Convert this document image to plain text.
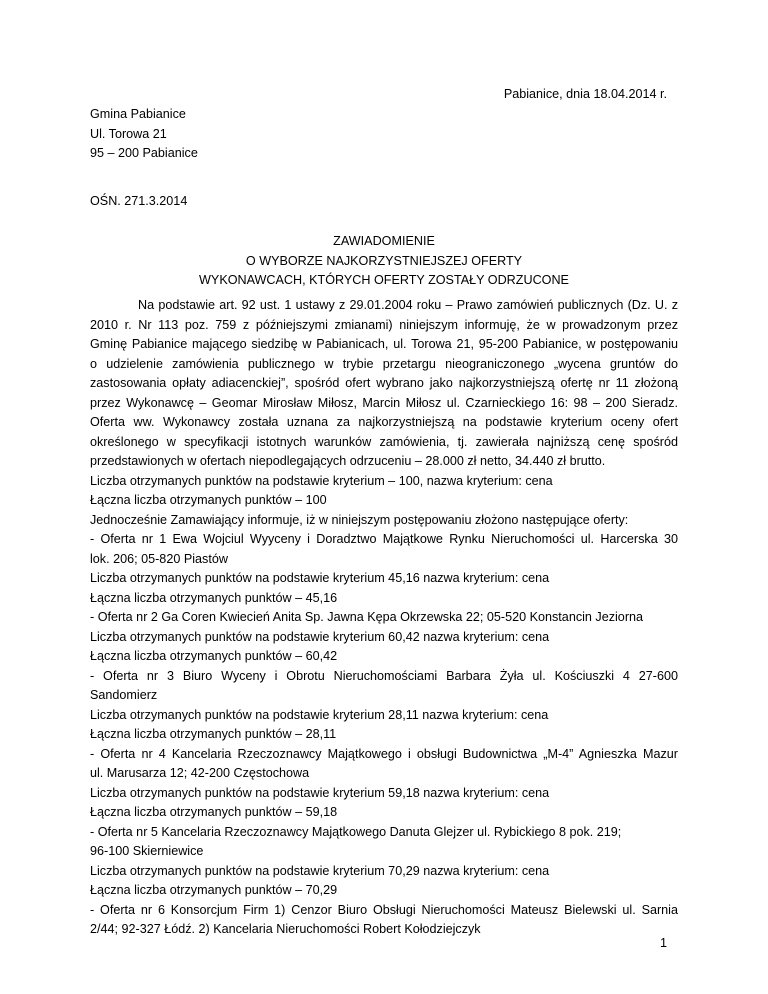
Pabianice, dnia 18.04.2014 r.
Gmina Pabianice
Ul. Torowa 21
95 – 200 Pabianice
OŚN. 271.3.2014
ZAWIADOMIENIE
O WYBORZE NAJKORZYSTNIEJSZEJ OFERTY
WYKONAWCACH, KTÓRYCH OFERTY ZOSTAŁY ODRZUCONE
Na podstawie art. 92 ust. 1 ustawy z 29.01.2004 roku – Prawo zamówień publicznych (Dz. U. z
2010 r. Nr 113 poz. 759 z późniejszymi zmianami) niniejszym informuję, że w prowadzonym przez
Gminę Pabianice mającego siedzibę w Pabianicach, ul. Torowa 21, 95-200 Pabianice, w postępowaniu
o udzielenie zamówienia publicznego w trybie przetargu nieograniczonego „wycena gruntów do
zastosowania opłaty adiacenckiej”, spośród ofert wybrano jako najkorzystniejszą ofertę nr 11 złożoną
przez Wykonawcę – Geomar Mirosław Miłosz, Marcin Miłosz ul. Czarnieckiego 16: 98 – 200 Sieradz.
Oferta ww. Wykonawcy została uznana za najkorzystniejszą na podstawie kryterium oceny ofert
określonego w specyfikacji istotnych warunków zamówienia, tj. zawierała najniższą cenę spośród
przedstawionych w ofertach niepodlegających odrzuceniu – 28.000 zł netto, 34.440 zł brutto.
Liczba otrzymanych punktów na podstawie kryterium – 100, nazwa kryterium: cena
Łączna liczba otrzymanych punktów – 100
Jednocześnie Zamawiający informuje, iż w niniejszym postępowaniu złożono następujące oferty:
- Oferta nr 1 Ewa Wojciul Wyyceny i Doradztwo Majątkowe Rynku Nieruchomości ul. Harcerska 30
lok. 206; 05-820 Piastów
Liczba otrzymanych punktów na podstawie kryterium 45,16 nazwa kryterium: cena
Łączna liczba otrzymanych punktów – 45,16
- Oferta nr 2 Ga Coren Kwiecień Anita Sp. Jawna Kępa Okrzewska 22; 05-520 Konstancin Jeziorna
Liczba otrzymanych punktów na podstawie kryterium 60,42 nazwa kryterium: cena
Łączna liczba otrzymanych punktów – 60,42
- Oferta nr 3 Biuro Wyceny i Obrotu Nieruchomościami Barbara Żyła ul. Kościuszki 4 27-600
Sandomierz
Liczba otrzymanych punktów na podstawie kryterium 28,11 nazwa kryterium: cena
Łączna liczba otrzymanych punktów – 28,11
- Oferta nr 4 Kancelaria Rzeczoznawcy Majątkowego i obsługi Budownictwa „M-4” Agnieszka Mazur
ul. Marusarza 12; 42-200 Częstochowa
Liczba otrzymanych punktów na podstawie kryterium 59,18 nazwa kryterium: cena
Łączna liczba otrzymanych punktów – 59,18
- Oferta nr 5 Kancelaria Rzeczoznawcy Majątkowego Danuta Glejzer ul. Rybickiego 8 pok. 219;
96-100 Skierniewice
Liczba otrzymanych punktów na podstawie kryterium 70,29 nazwa kryterium: cena
Łączna liczba otrzymanych punktów – 70,29
- Oferta nr 6 Konsorcjum Firm 1) Cenzor Biuro Obsługi Nieruchomości Mateusz Bielewski ul. Sarnia
2/44; 92-327 Łódź. 2) Kancelaria Nieruchomości Robert Kołodziejczyk
1
